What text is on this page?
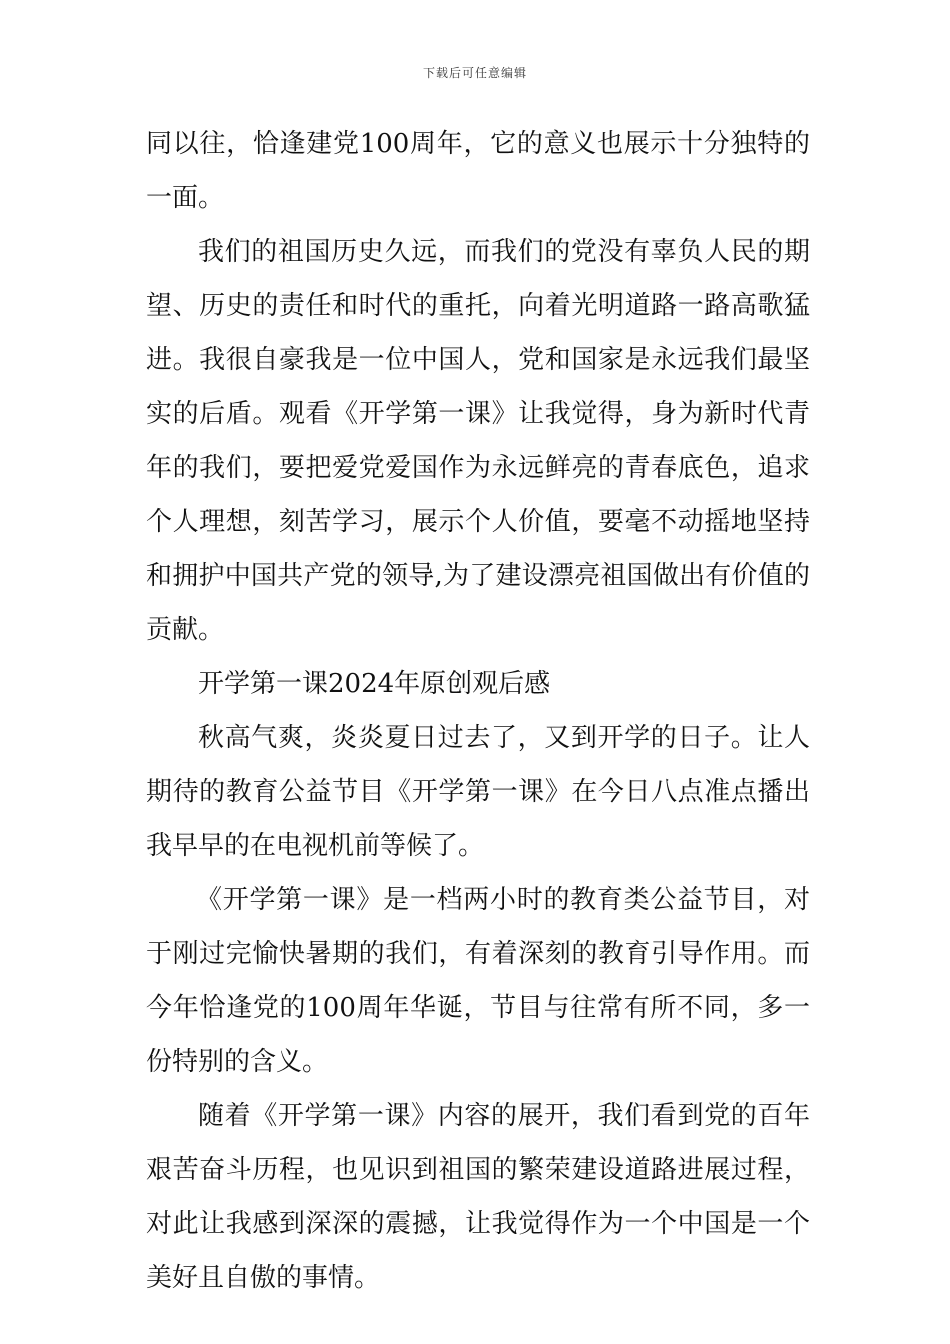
下载后可任意编辑

同以往，恰逢建党100周年，它的意义也展示十分独特的一面。

我们的祖国历史久远，而我们的党没有辜负人民的期望、历史的责任和时代的重托，向着光明道路一路高歌猛进。我很自豪我是一位中国人，党和国家是永远我们最坚实的后盾。观看《开学第一课》让我觉得，身为新时代青年的我们，要把爱党爱国作为永远鲜亮的青春底色，追求个人理想，刻苦学习，展示个人价值，要毫不动摇地坚持和拥护中国共产党的领导,为了建设漂亮祖国做出有价值的贡献。

开学第一课2024年原创观后感

秋高气爽，炎炎夏日过去了，又到开学的日子。让人期待的教育公益节目《开学第一课》在今日八点准点播出我早早的在电视机前等候了。

《开学第一课》是一档两小时的教育类公益节目，对于刚过完愉快暑期的我们，有着深刻的教育引导作用。而今年恰逢党的100周年华诞，节目与往常有所不同，多一份特别的含义。

随着《开学第一课》内容的展开，我们看到党的百年艰苦奋斗历程，也见识到祖国的繁荣建设道路进展过程，对此让我感到深深的震撼，让我觉得作为一个中国是一个美好且自傲的事情。
